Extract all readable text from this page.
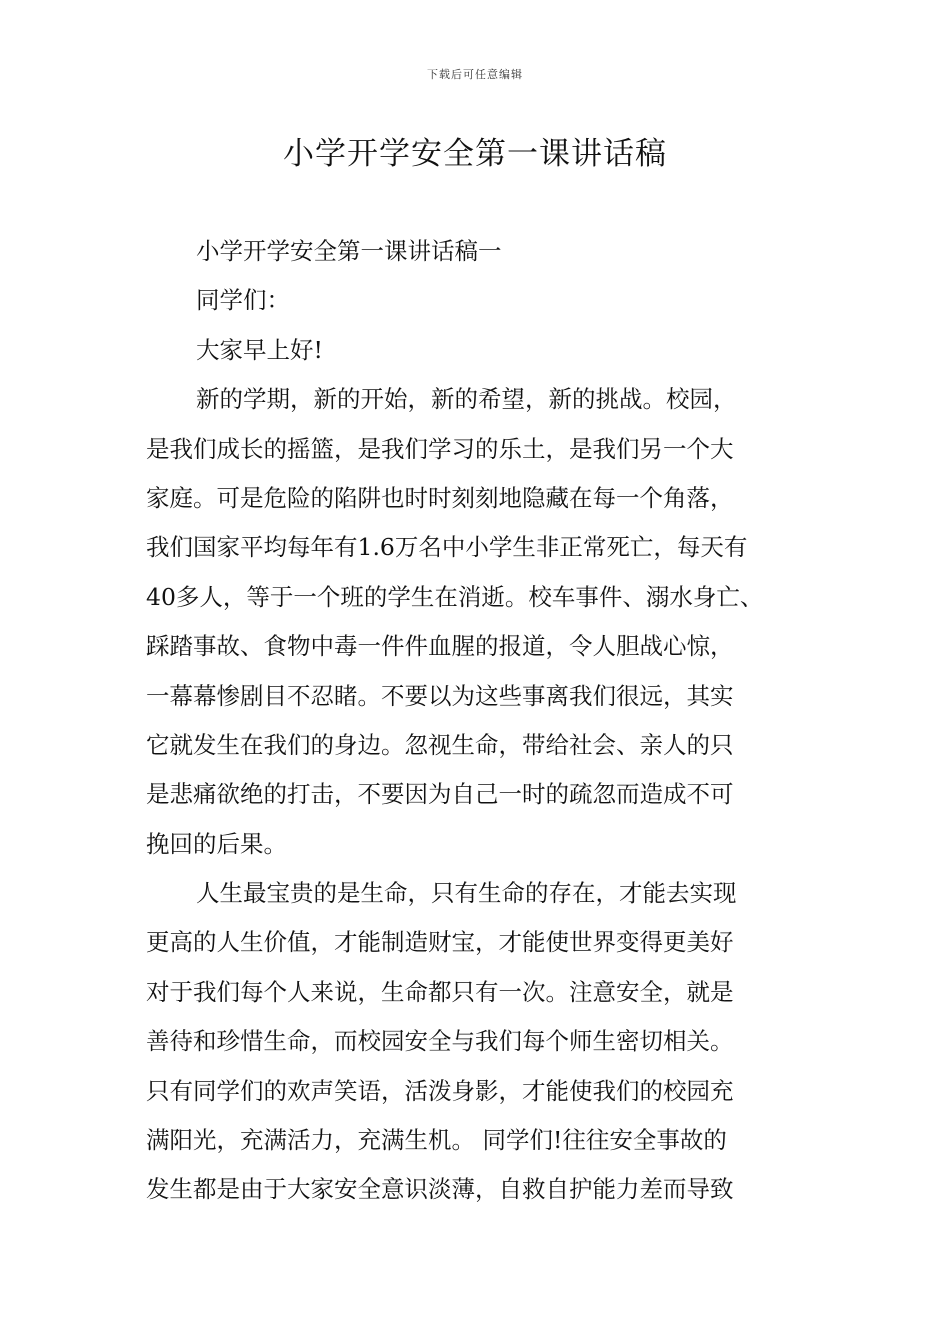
下载后可任意编辑
小学开学安全第一课讲话稿
小学开学安全第一课讲话稿一
同学们：
大家早上好!
新的学期，新的开始，新的希望，新的挑战。校园，
是我们成长的摇篮，是我们学习的乐土，是我们另一个大
家庭。可是危险的陷阱也时时刻刻地隐藏在每一个角落，
我们国家平均每年有1.6万名中小学生非正常死亡，每天有
40多人，等于一个班的学生在消逝。校车事件、溺水身亡、
踩踏事故、食物中毒一件件血腥的报道，令人胆战心惊，
一幕幕惨剧目不忍睹。不要以为这些事离我们很远，其实
它就发生在我们的身边。忽视生命，带给社会、亲人的只
是悲痛欲绝的打击，不要因为自己一时的疏忽而造成不可
挽回的后果。
人生最宝贵的是生命，只有生命的存在，才能去实现
更高的人生价值，才能制造财宝，才能使世界变得更美好
对于我们每个人来说，生命都只有一次。注意安全，就是
善待和珍惜生命，而校园安全与我们每个师生密切相关。
只有同学们的欢声笑语，活泼身影，才能使我们的校园充
满阳光，充满活力，充满生机。 同学们!往往安全事故的
发生都是由于大家安全意识淡薄，自救自护能力差而导致
